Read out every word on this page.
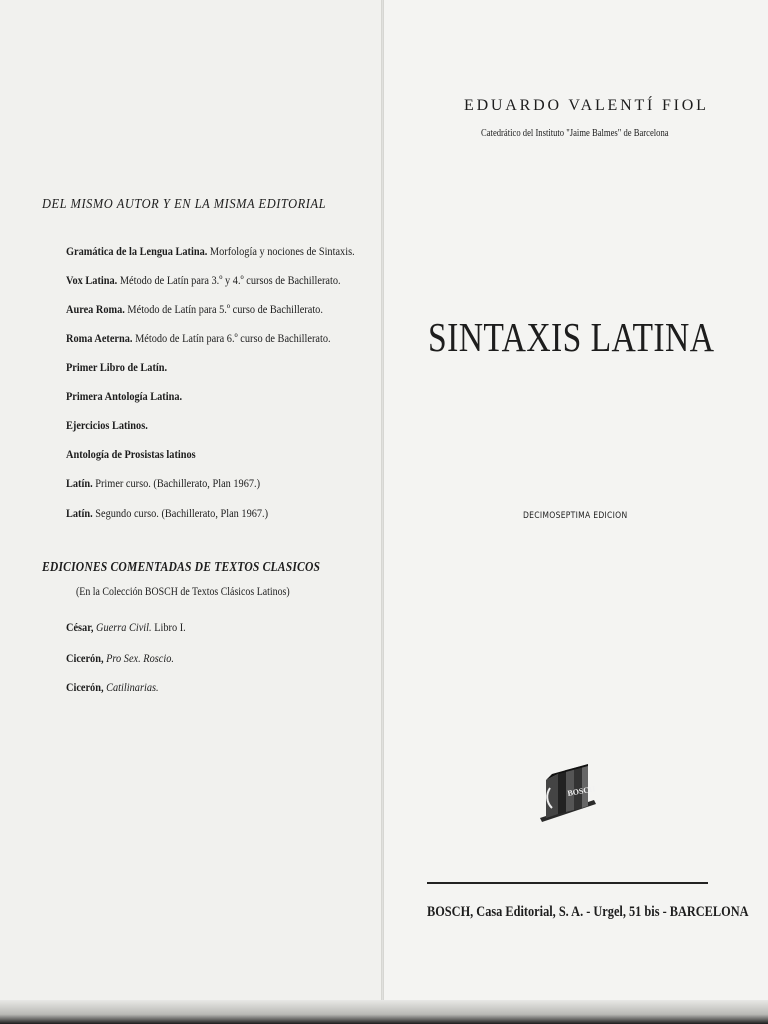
DEL MISMO AUTOR Y EN LA MISMA EDITORIAL
Gramática de la Lengua Latina. Morfología y nociones de Sintaxis.
Vox Latina. Método de Latín para 3.º y 4.º cursos de Bachillerato.
Aurea Roma. Método de Latín para 5.º curso de Bachillerato.
Roma Aeterna. Método de Latín para 6.º curso de Bachillerato.
Primer Libro de Latín.
Primera Antología Latina.
Ejercicios Latinos.
Antología de Prosistas latinos
Latín. Primer curso. (Bachillerato, Plan 1967.)
Latín. Segundo curso. (Bachillerato, Plan 1967.)
EDICIONES COMENTADAS DE TEXTOS CLASICOS
(En la Colección BOSCH de Textos Clásicos Latinos)
César, Guerra Civil. Libro I.
Cicerón, Pro Sex. Roscio.
Cicerón, Catilinarias.
EDUARDO VALENTÍ FIOL
Catedrático del Instituto "Jaime Balmes" de Barcelona
SINTAXIS LATINA
DECIMOSEPTIMA EDICION
BOSCH
BOSCH, Casa Editorial, S. A. - Urgel, 51 bis - BARCELONA
